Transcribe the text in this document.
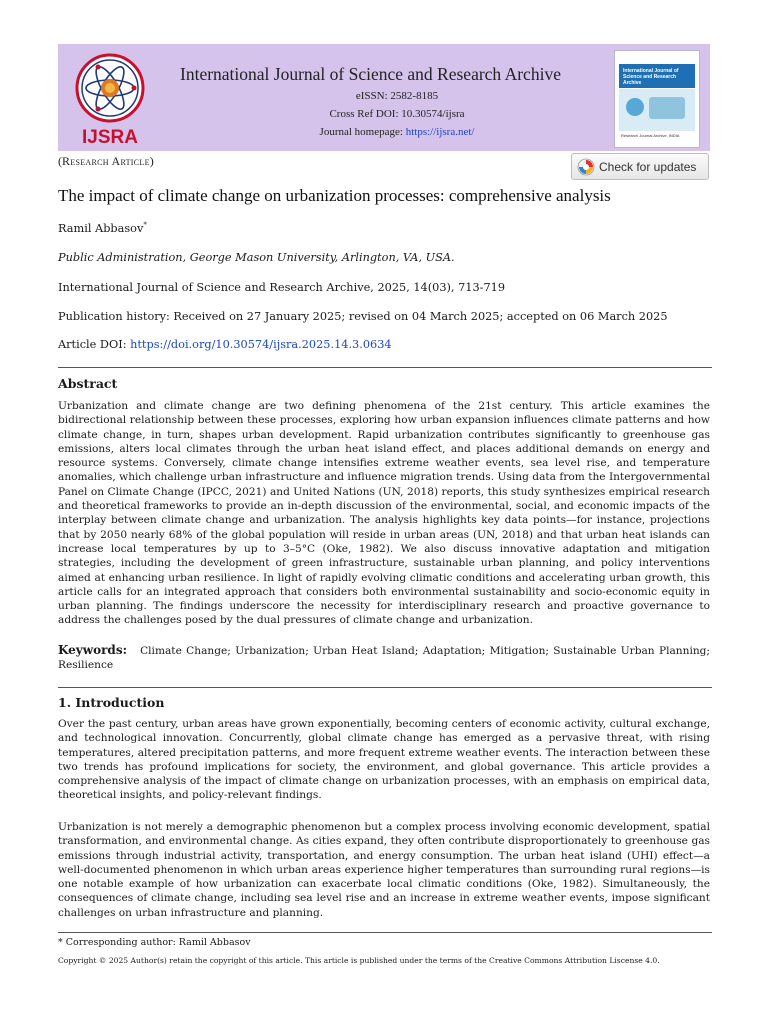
IJSRA
International Journal of Science and Research Archive
eISSN: 2582-8185
Cross Ref DOI: 10.30574/ijsra
Journal homepage: https://ijsra.net/
International Journal of Science and Research Archive
Research Journal Archive, INDIA
(Research Article)	Check for updates
The impact of climate change on urbanization processes: comprehensive analysis
Ramil Abbasov*
Public Administration, George Mason University, Arlington, VA, USA.
International Journal of Science and Research Archive, 2025, 14(03), 713-719
Publication history: Received on 27 January 2025; revised on 04 March 2025; accepted on 06 March 2025
Article DOI: https://doi.org/10.30574/ijsra.2025.14.3.0634
Abstract
Urbanization and climate change are two defining phenomena of the 21st century. This article examines the bidirectional relationship between these processes, exploring how urban expansion influences climate patterns and how climate change, in turn, shapes urban development. Rapid urbanization contributes significantly to greenhouse gas emissions, alters local climates through the urban heat island effect, and places additional demands on energy and resource systems. Conversely, climate change intensifies extreme weather events, sea level rise, and temperature anomalies, which challenge urban infrastructure and influence migration trends. Using data from the Intergovernmental Panel on Climate Change (IPCC, 2021) and United Nations (UN, 2018) reports, this study synthesizes empirical research and theoretical frameworks to provide an in-depth discussion of the environmental, social, and economic impacts of the interplay between climate change and urbanization. The analysis highlights key data points—for instance, projections that by 2050 nearly 68% of the global population will reside in urban areas (UN, 2018) and that urban heat islands can increase local temperatures by up to 3–5°C (Oke, 1982). We also discuss innovative adaptation and mitigation strategies, including the development of green infrastructure, sustainable urban planning, and policy interventions aimed at enhancing urban resilience. In light of rapidly evolving climatic conditions and accelerating urban growth, this article calls for an integrated approach that considers both environmental sustainability and socio-economic equity in urban planning. The findings underscore the necessity for interdisciplinary research and proactive governance to address the challenges posed by the dual pressures of climate change and urbanization.
Keywords: Climate Change; Urbanization; Urban Heat Island; Adaptation; Mitigation; Sustainable Urban Planning; Resilience
1. Introduction
Over the past century, urban areas have grown exponentially, becoming centers of economic activity, cultural exchange, and technological innovation. Concurrently, global climate change has emerged as a pervasive threat, with rising temperatures, altered precipitation patterns, and more frequent extreme weather events. The interaction between these two trends has profound implications for society, the environment, and global governance. This article provides a comprehensive analysis of the impact of climate change on urbanization processes, with an emphasis on empirical data, theoretical insights, and policy-relevant findings.
Urbanization is not merely a demographic phenomenon but a complex process involving economic development, spatial transformation, and environmental change. As cities expand, they often contribute disproportionately to greenhouse gas emissions through industrial activity, transportation, and energy consumption. The urban heat island (UHI) effect—a well-documented phenomenon in which urban areas experience higher temperatures than surrounding rural regions—is one notable example of how urbanization can exacerbate local climatic conditions (Oke, 1982). Simultaneously, the consequences of climate change, including sea level rise and an increase in extreme weather events, impose significant challenges on urban infrastructure and planning.
* Corresponding author: Ramil Abbasov
Copyright © 2025 Author(s) retain the copyright of this article. This article is published under the terms of the Creative Commons Attribution Liscense 4.0.
